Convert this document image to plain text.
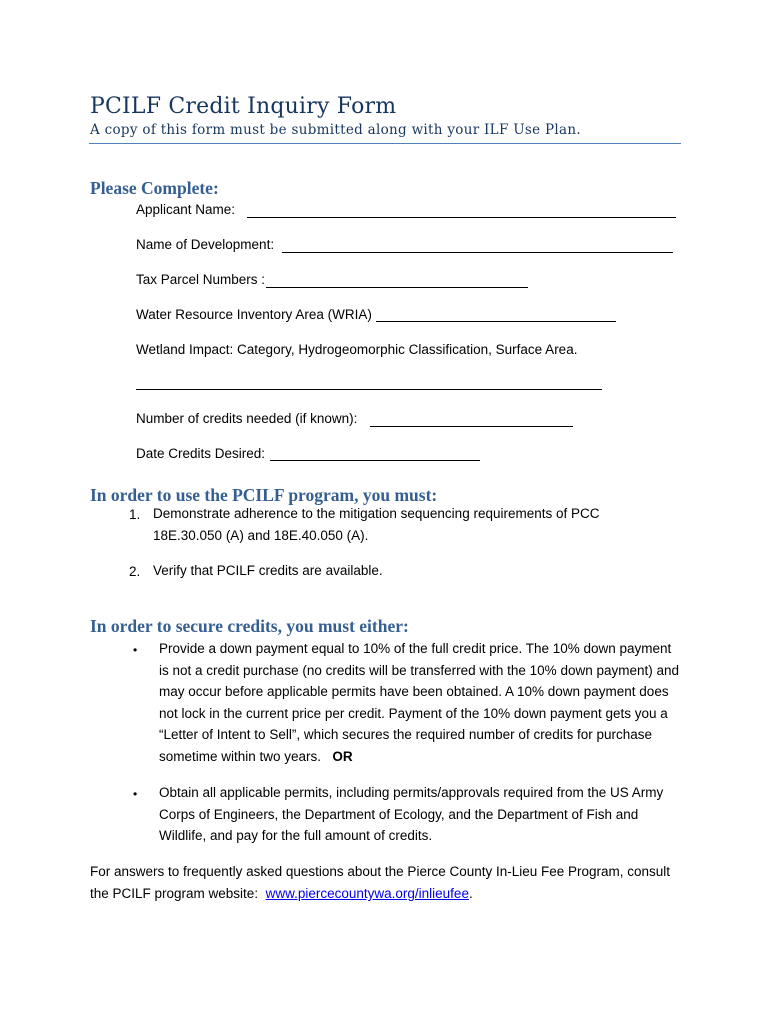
PCILF Credit Inquiry Form
A copy of this form must be submitted along with your ILF Use Plan.
Please Complete:
Applicant Name:
Name of Development:
Tax Parcel Numbers :
Water Resource Inventory Area (WRIA)
Wetland Impact: Category, Hydrogeomorphic Classification, Surface Area.
Number of credits needed (if known):
Date Credits Desired:
In order to use the PCILF program, you must:
1. Demonstrate adherence to the mitigation sequencing requirements of PCC 18E.30.050 (A) and 18E.40.050 (A).
2. Verify that PCILF credits are available.
In order to secure credits, you must either:
• Provide a down payment equal to 10% of the full credit price. The 10% down payment is not a credit purchase (no credits will be transferred with the 10% down payment) and may occur before applicable permits have been obtained. A 10% down payment does not lock in the current price per credit. Payment of the 10% down payment gets you a “Letter of Intent to Sell”, which secures the required number of credits for purchase sometime within two years. OR
• Obtain all applicable permits, including permits/approvals required from the US Army Corps of Engineers, the Department of Ecology, and the Department of Fish and Wildlife, and pay for the full amount of credits.
For answers to frequently asked questions about the Pierce County In-Lieu Fee Program, consult the PCILF program website: www.piercecountywa.org/inlieufee.
